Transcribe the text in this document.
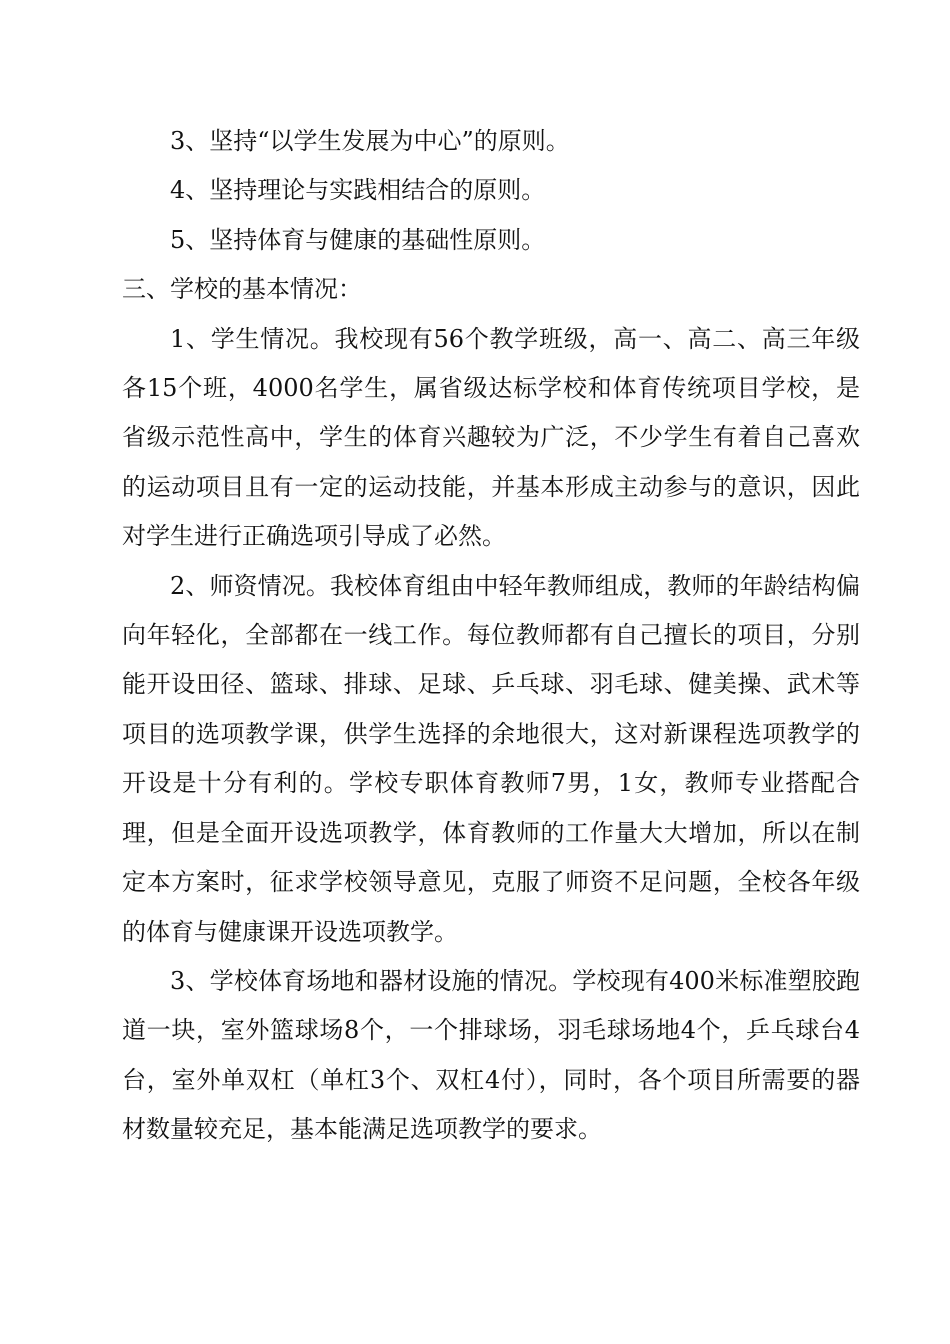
3、坚持“以学生发展为中心”的原则。

4、坚持理论与实践相结合的原则。

5、坚持体育与健康的基础性原则。

三、学校的基本情况：

1、学生情况。我校现有56个教学班级，高一、高二、高三年级各15个班，4000名学生，属省级达标学校和体育传统项目学校，是省级示范性高中，学生的体育兴趣较为广泛，不少学生有着自己喜欢的运动项目且有一定的运动技能，并基本形成主动参与的意识，因此对学生进行正确选项引导成了必然。

2、师资情况。我校体育组由中轻年教师组成，教师的年龄结构偏向年轻化，全部都在一线工作。每位教师都有自己擅长的项目，分别能开设田径、篮球、排球、足球、乒乓球、羽毛球、健美操、武术等项目的选项教学课，供学生选择的余地很大，这对新课程选项教学的开设是十分有利的。学校专职体育教师7男，1女，教师专业搭配合理，但是全面开设选项教学，体育教师的工作量大大增加，所以在制定本方案时，征求学校领导意见，克服了师资不足问题，全校各年级的体育与健康课开设选项教学。

3、学校体育场地和器材设施的情况。学校现有400米标准塑胶跑道一块，室外篮球场8个，一个排球场，羽毛球场地4个，乒乓球台4台，室外单双杠（单杠3个、双杠4付），同时，各个项目所需要的器材数量较充足，基本能满足选项教学的要求。
